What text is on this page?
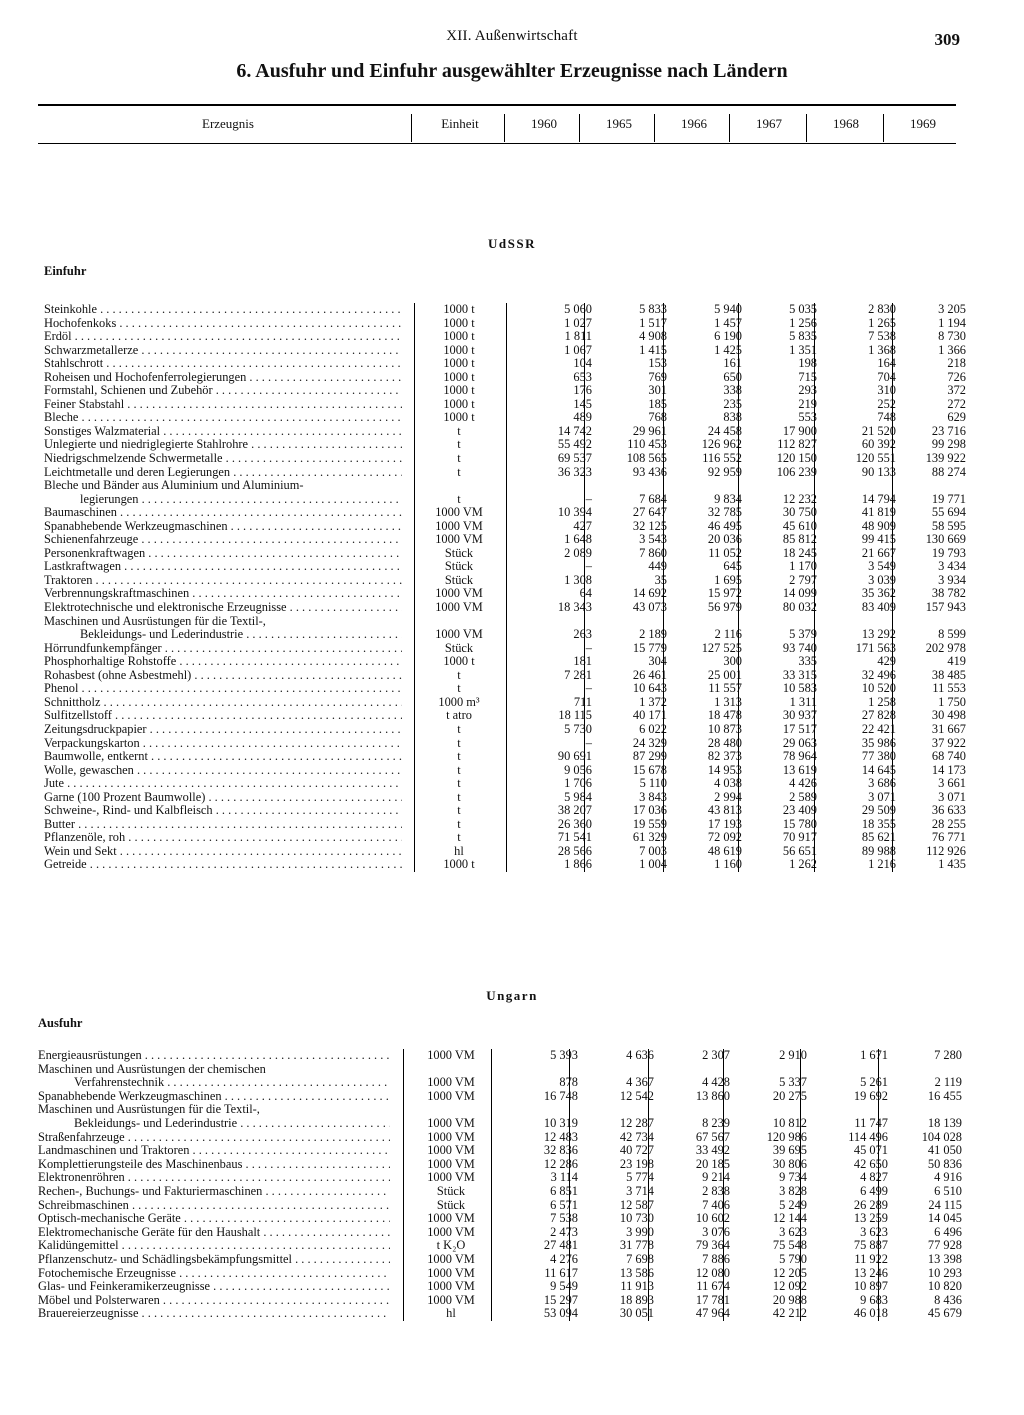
XII. Außenwirtschaft	309
6. Ausfuhr und Einfuhr ausgewählter Erzeugnisse nach Ländern
Erzeugnis	Einheit	1960	1965	1966	1967	1968	1969
UdSSR
Einfuhr
Steinkohle . . .	1000 t	5 060	5 833	5 940	5 035	2 830	3 205
Hochofenkoks . . .	1000 t	1 027	1 517	1 457	1 256	1 265	1 194
Erdöl . . .	1000 t	1 811	4 908	6 190	5 835	7 538	8 730
Schwarzmetallerze . . .	1000 t	1 067	1 415	1 425	1 351	1 368	1 366
Stahlschrott . . .	1000 t	104	153	161	198	164	218
Roheisen und Hochofenferrolegierungen . . .	1000 t	653	769	650	715	704	726
Formstahl, Schienen und Zubehör . . .	1000 t	176	301	338	293	310	372
Feiner Stabstahl . . .	1000 t	145	185	235	219	252	272
Bleche . . .	1000 t	489	768	838	553	748	629
Sonstiges Walzmaterial . . .	t	14 742	29 961	24 458	17 900	21 520	23 716
Unlegierte und niedriglegierte Stahlrohre . . .	t	55 492	110 453	126 962	112 827	60 392	99 298
Niedrigschmelzende Schwermetalle . . .	t	69 537	108 565	116 552	120 150	120 551	139 922
Leichtmetalle und deren Legierungen . . .	t	36 323	93 436	92 959	106 239	90 133	88 274
Bleche und Bänder aus Aluminium und Aluminium-
legierungen . . .	t	–	7 684	9 834	12 232	14 794	19 771
Baumaschinen . . .	1000 VM	10 394	27 647	32 785	30 750	41 819	55 694
Spanabhebende Werkzeugmaschinen . . .	1000 VM	427	32 125	46 495	45 610	48 909	58 595
Schienenfahrzeuge . . .	1000 VM	1 648	3 543	20 036	85 812	99 415	130 669
Personenkraftwagen . . .	Stück	2 089	7 860	11 052	18 245	21 667	19 793
Lastkraftwagen . . .	Stück	–	449	645	1 170	3 549	3 434
Traktoren . . .	Stück	1 308	35	1 695	2 797	3 039	3 934
Verbrennungskraftmaschinen . . .	1000 VM	64	14 692	15 972	14 099	35 362	38 782
Elektrotechnische und elektronische Erzeugnisse . . .	1000 VM	18 343	43 073	56 979	80 032	83 409	157 943
Maschinen und Ausrüstungen für die Textil-,
Bekleidungs- und Lederindustrie . . .	1000 VM	263	2 189	2 116	5 379	13 292	8 599
Hörrundfunkempfänger . . .	Stück	–	15 779	127 525	93 740	171 563	202 978
Phosphorhaltige Rohstoffe . . .	1000 t	181	304	300	335	429	419
Rohasbest (ohne Asbestmehl) . . .	t	7 281	26 461	25 001	33 315	32 496	38 485
Phenol . . .	t	–	10 643	11 557	10 583	10 520	11 553
Schnittholz . . .	1000 m³	711	1 372	1 313	1 311	1 258	1 750
Sulfitzellstoff . . .	t atro	18 115	40 171	18 478	30 937	27 828	30 498
Zeitungsdruckpapier . . .	t	5 730	6 022	10 873	17 517	22 421	31 667
Verpackungskarton . . .	t	–	24 329	28 480	29 063	35 986	37 922
Baumwolle, entkernt . . .	t	90 691	87 299	82 373	78 964	77 380	68 740
Wolle, gewaschen . . .	t	9 056	15 678	14 953	13 619	14 645	14 173
Jute . . .	t	1 706	5 110	4 038	4 426	3 686	3 661
Garne (100 Prozent Baumwolle) . . .	t	5 984	3 843	2 994	2 589	3 071	3 071
Schweine-, Rind- und Kalbfleisch . . .	t	38 207	17 036	43 813	23 409	29 509	36 633
Butter . . .	t	26 360	19 559	17 193	15 780	18 355	28 255
Pflanzenöle, roh . . .	t	71 541	61 329	72 092	70 917	85 621	76 771
Wein und Sekt . . .	hl	28 566	7 003	48 619	56 651	89 988	112 926
Getreide . . .	1000 t	1 866	1 004	1 160	1 262	1 216	1 435
Ungarn
Ausfuhr
Energieausrüstungen . . .	1000 VM	5 393	4 636	2 307	2 910	1 671	7 280
Maschinen und Ausrüstungen der chemischen
Verfahrenstechnik . . .	1000 VM	878	4 367	4 428	5 337	5 261	2 119
Spanabhebende Werkzeugmaschinen . . .	1000 VM	16 748	12 542	13 860	20 275	19 692	16 455
Maschinen und Ausrüstungen für die Textil-,
Bekleidungs- und Lederindustrie . . .	1000 VM	10 319	12 287	8 239	10 812	11 747	18 139
Straßenfahrzeuge . . .	1000 VM	12 483	42 734	67 567	120 986	114 496	104 028
Landmaschinen und Traktoren . . .	1000 VM	32 836	40 727	33 492	39 695	45 071	41 050
Komplettierungsteile des Maschinenbaus . . .	1000 VM	12 286	23 198	20 185	30 806	42 650	50 836
Elektronenröhren . . .	1000 VM	3 114	5 774	9 214	9 734	4 827	4 916
Rechen-, Buchungs- und Fakturiermaschinen . . .	Stück	6 851	3 714	2 838	3 828	6 499	6 510
Schreibmaschinen . . .	Stück	6 571	12 587	7 406	5 249	26 289	24 115
Optisch-mechanische Geräte . . .	1000 VM	7 538	10 730	10 602	12 144	13 259	14 045
Elektromechanische Geräte für den Haushalt . . .	1000 VM	2 473	3 990	3 076	3 623	3 623	6 496
Kalidüngemittel . . .	t K₂O	27 481	31 778	79 364	75 548	75 887	77 928
Pflanzenschutz- und Schädlingsbekämpfungsmittel . . .	1000 VM	4 276	7 698	7 886	5 790	11 922	13 398
Fotochemische Erzeugnisse . . .	1000 VM	11 617	13 586	12 080	12 205	13 246	10 293
Glas- und Feinkeramikerzeugnisse . . .	1000 VM	9 549	11 913	11 674	12 092	10 897	10 820
Möbel und Polsterwaren . . .	1000 VM	15 297	18 893	17 781	20 988	9 683	8 436
Brauereierzeugnisse . . .	hl	53 094	30 051	47 964	42 212	46 018	45 679
